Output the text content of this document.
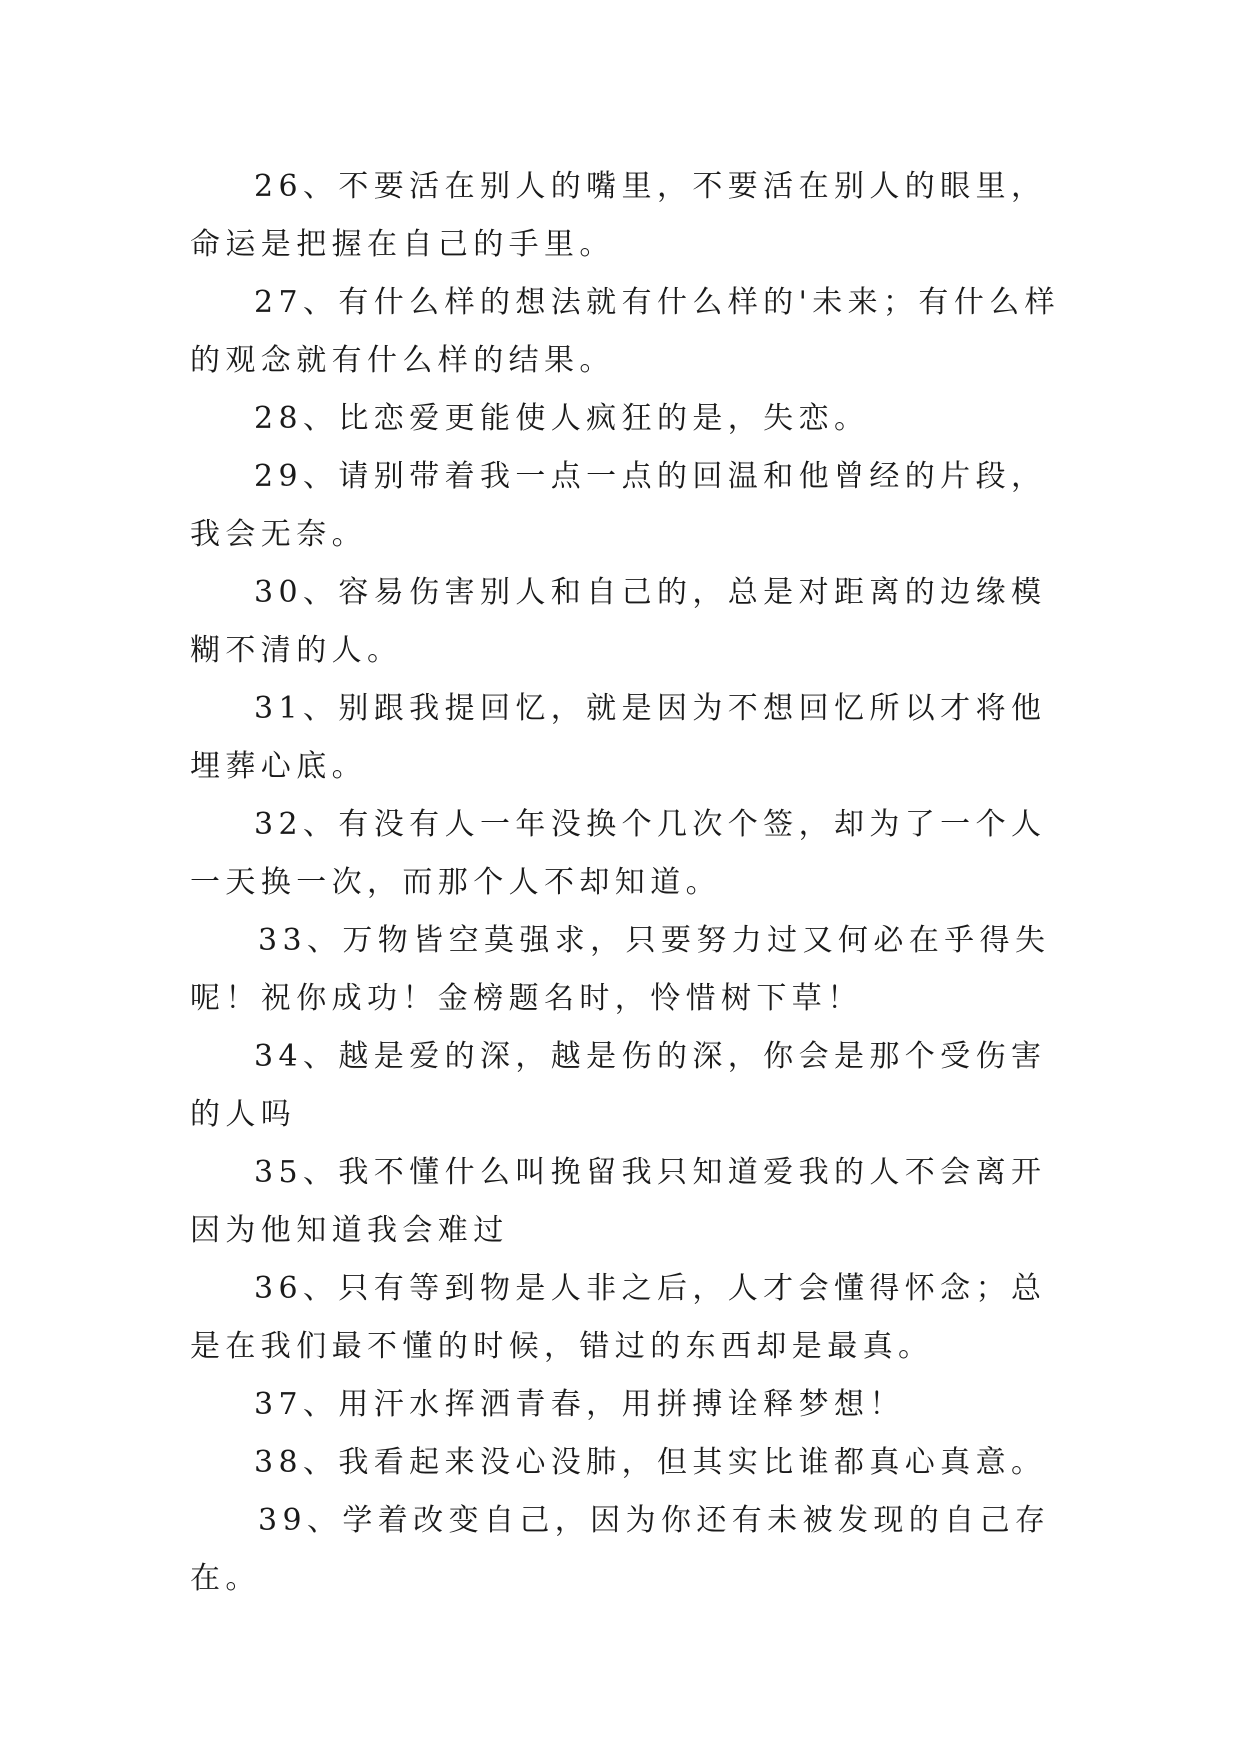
26、不要活在别人的嘴里，不要活在别人的眼里，命运是把握在自己的手里。

27、有什么样的想法就有什么样的'未来；有什么样的观念就有什么样的结果。

28、比恋爱更能使人疯狂的是，失恋。

29、请别带着我一点一点的回温和他曾经的片段，我会无奈。

30、容易伤害别人和自己的，总是对距离的边缘模糊不清的人。

31、别跟我提回忆，就是因为不想回忆所以才将他埋葬心底。

32、有没有人一年没换个几次个签，却为了一个人一天换一次，而那个人不却知道。

33、万物皆空莫强求，只要努力过又何必在乎得失呢！祝你成功！金榜题名时，怜惜树下草！

34、越是爱的深，越是伤的深，你会是那个受伤害的人吗

35、我不懂什么叫挽留我只知道爱我的人不会离开因为他知道我会难过

36、只有等到物是人非之后，人才会懂得怀念；总是在我们最不懂的时候，错过的东西却是最真。

37、用汗水挥洒青春，用拼搏诠释梦想！

38、我看起来没心没肺，但其实比谁都真心真意。

39、学着改变自己，因为你还有未被发现的自己存在。
